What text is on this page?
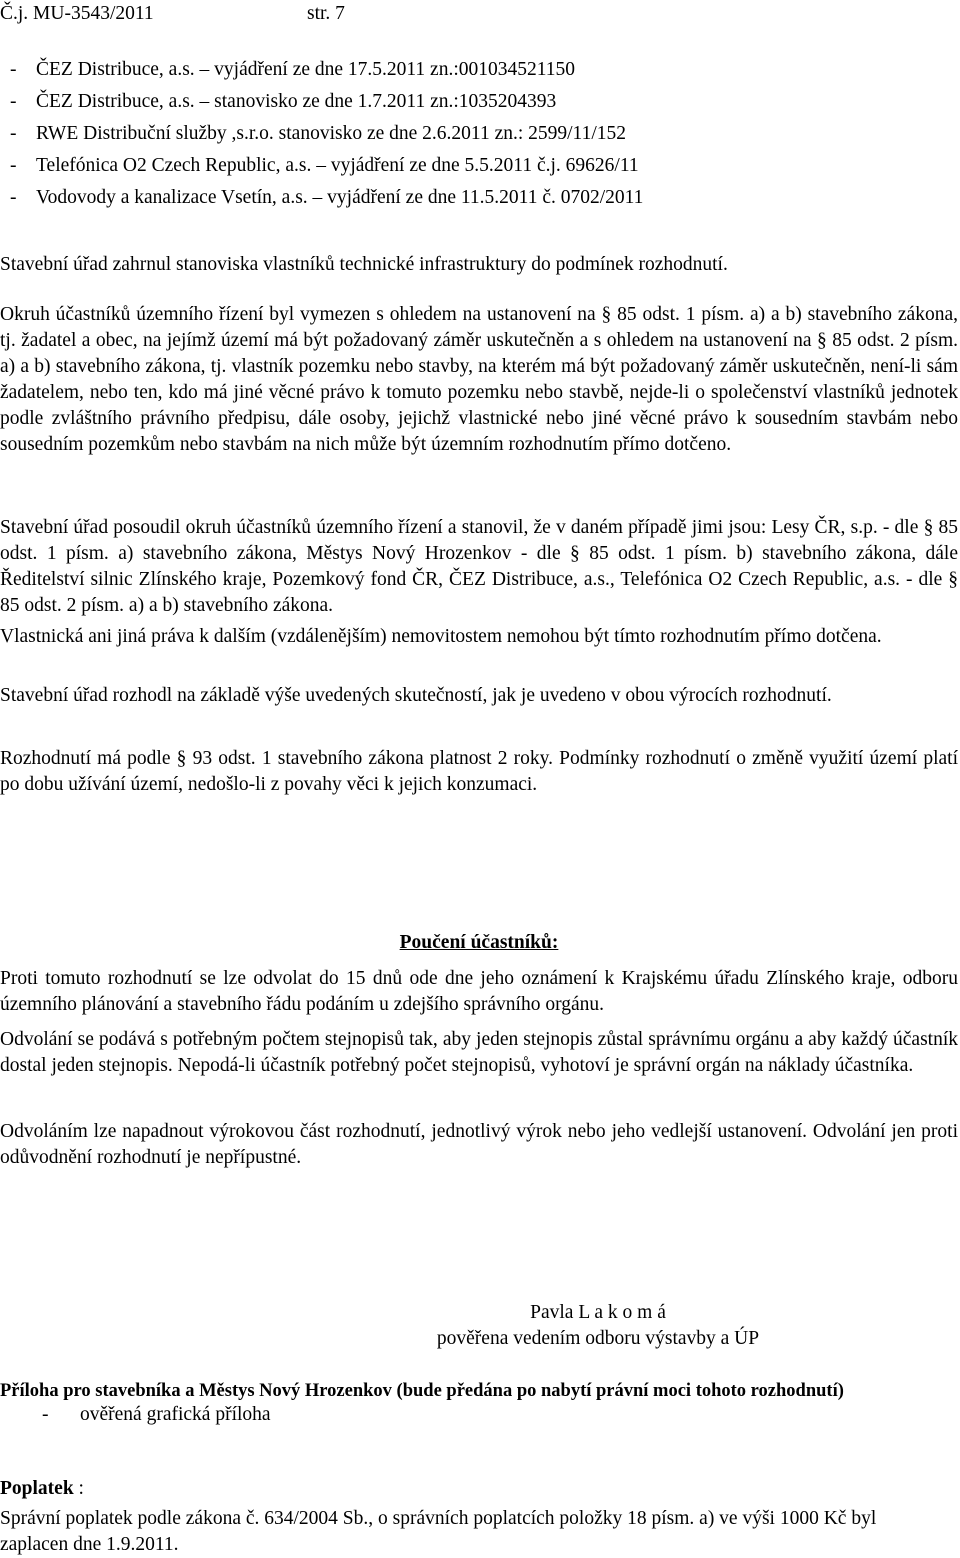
Č.j. MU-3543/2011	str. 7
- ČEZ Distribuce, a.s. – vyjádření ze dne 17.5.2011 zn.:001034521150
- ČEZ Distribuce, a.s. – stanovisko ze dne 1.7.2011 zn.:1035204393
- RWE Distribuční služby ,s.r.o. stanovisko ze dne 2.6.2011 zn.: 2599/11/152
- Telefónica O2 Czech Republic, a.s. – vyjádření ze dne 5.5.2011 č.j. 69626/11
- Vodovody a kanalizace Vsetín, a.s. – vyjádření ze dne 11.5.2011 č. 0702/2011
Stavební úřad zahrnul stanoviska vlastníků technické infrastruktury do podmínek rozhodnutí.
Okruh účastníků územního řízení byl vymezen s ohledem na ustanovení na § 85 odst. 1 písm. a) a b) stavebního zákona, tj. žadatel a obec, na jejímž území má být požadovaný záměr uskutečněn a s ohledem na ustanovení na § 85 odst. 2 písm. a) a b) stavebního zákona, tj. vlastník pozemku nebo stavby, na kterém má být požadovaný záměr uskutečněn, není-li sám žadatelem, nebo ten, kdo má jiné věcné právo k tomuto pozemku nebo stavbě, nejde-li o společenství vlastníků jednotek podle zvláštního právního předpisu, dále osoby, jejichž vlastnické nebo jiné věcné právo k sousedním stavbám nebo sousedním pozemkům nebo stavbám na nich může být územním rozhodnutím přímo dotčeno.
Stavební úřad posoudil okruh účastníků územního řízení a stanovil, že v daném případě jimi jsou: Lesy ČR, s.p. - dle § 85 odst. 1 písm. a) stavebního zákona, Městys Nový Hrozenkov - dle § 85 odst. 1 písm. b) stavebního zákona, dále Ředitelství silnic Zlínského kraje, Pozemkový fond ČR, ČEZ Distribuce, a.s., Telefónica O2 Czech Republic, a.s. - dle § 85 odst. 2 písm. a) a b) stavebního zákona.
Vlastnická ani jiná práva k dalším (vzdálenějším) nemovitostem nemohou být tímto rozhodnutím přímo dotčena.
Stavební úřad rozhodl na základě výše uvedených skutečností, jak je uvedeno v obou výrocích rozhodnutí.
Rozhodnutí má podle § 93 odst. 1 stavebního zákona platnost 2 roky. Podmínky rozhodnutí o změně využití území platí po dobu užívání území, nedošlo-li z povahy věci k jejich konzumaci.
Poučení účastníků:
Proti tomuto rozhodnutí se lze odvolat do 15 dnů ode dne jeho oznámení k Krajskému úřadu Zlínského kraje, odboru územního plánování a stavebního řádu podáním u zdejšího správního orgánu.
Odvolání se podává s potřebným počtem stejnopisů tak, aby jeden stejnopis zůstal správnímu orgánu a aby každý účastník dostal jeden stejnopis. Nepodá-li účastník potřebný počet stejnopisů, vyhotoví je správní orgán na náklady účastníka.
Odvoláním lze napadnout výrokovou část rozhodnutí, jednotlivý výrok nebo jeho vedlejší ustanovení. Odvolání jen proti odůvodnění rozhodnutí je nepřípustné.
Pavla L a k o m á
pověřena vedením odboru výstavby a ÚP
Příloha pro stavebníka a Městys Nový Hrozenkov (bude předána po nabytí právní moci tohoto rozhodnutí)
- ověřená grafická příloha
Poplatek :
Správní poplatek podle zákona č. 634/2004 Sb., o správních poplatcích položky 18 písm. a) ve výši 1000 Kč byl zaplacen dne 1.9.2011.
